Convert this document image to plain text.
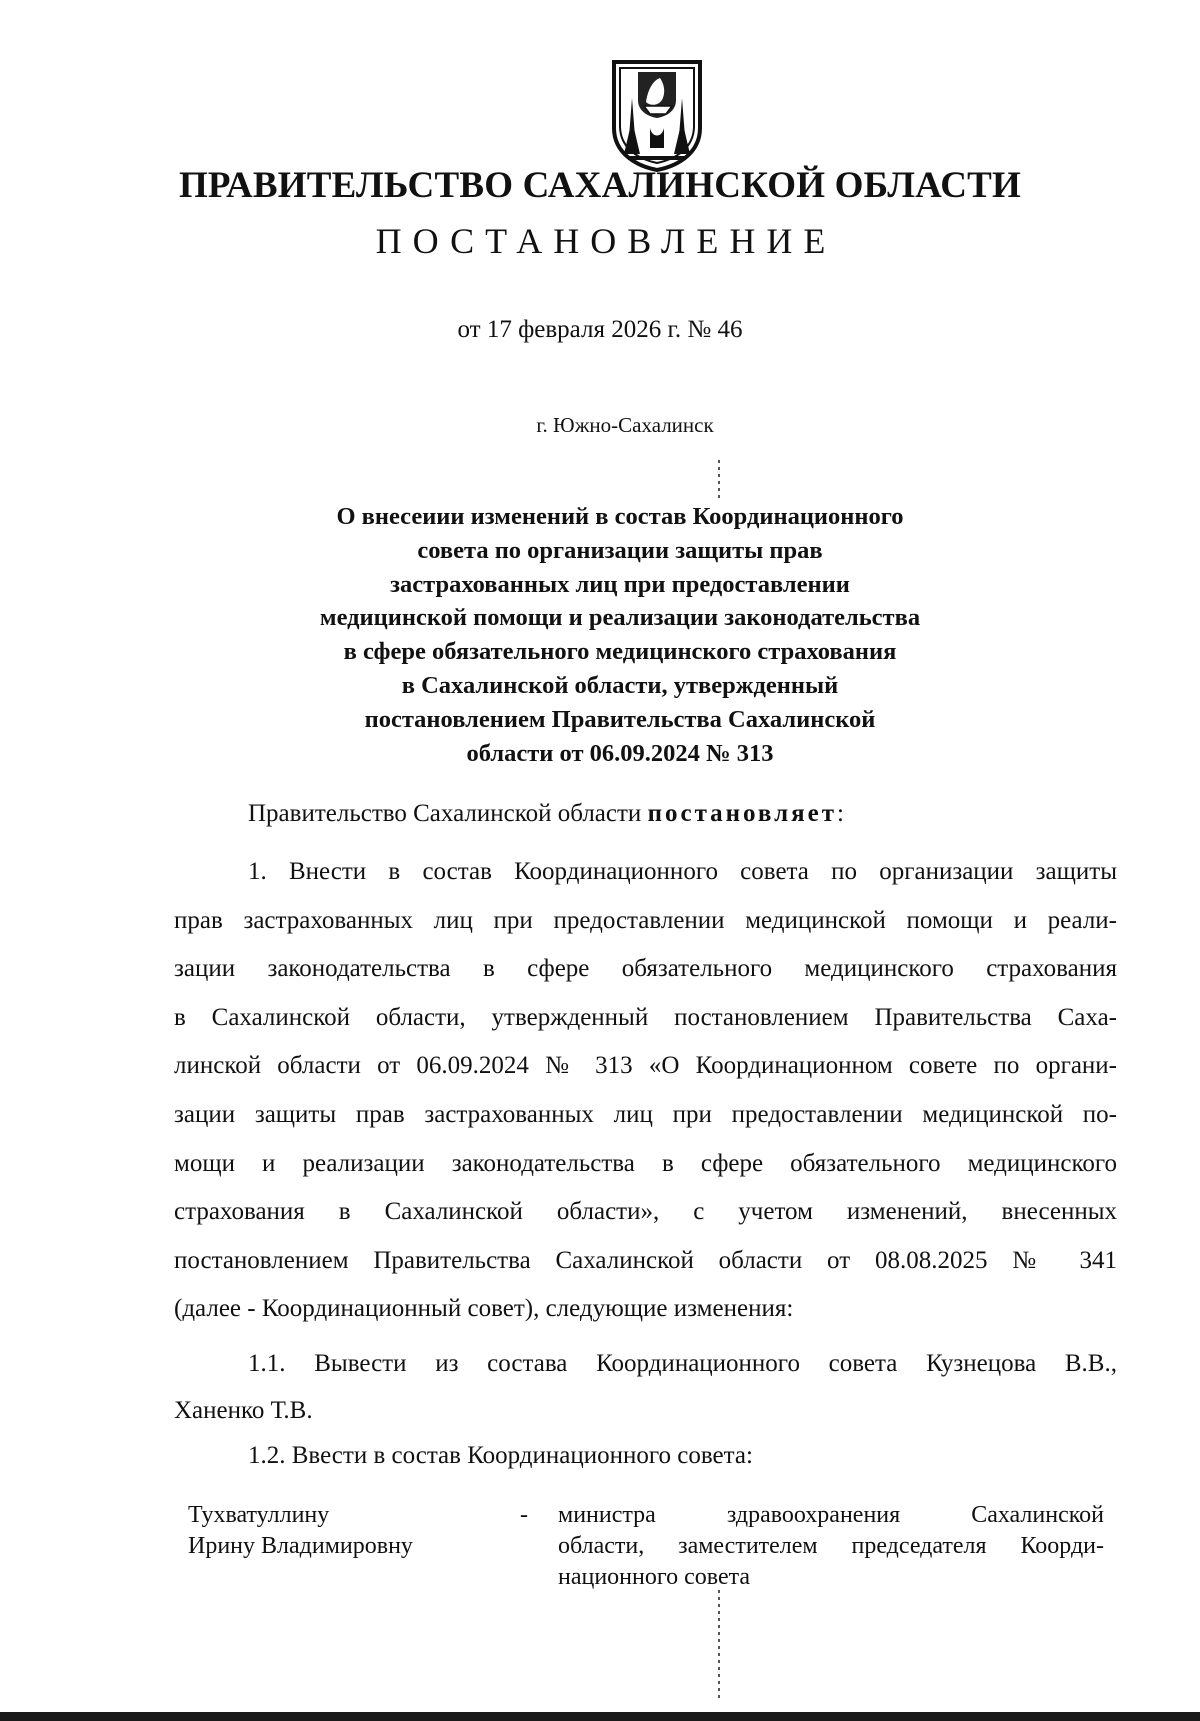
ПРАВИТЕЛЬСТВО САХАЛИНСКОЙ ОБЛАСТИ
ПОСТАНОВЛЕНИЕ
от 17 февраля 2026 г. № 46
г. Южно-Сахалинск
О внесеиии изменений в состав Координационного
совета по организации защиты прав
застрахованных лиц при предоставлении
медицинской помощи и реализации законодательства
в сфере обязательного медицинского страхования
в Сахалинской области, утвержденный
постановлением Правительства Сахалинской
области от 06.09.2024 № 313
Правительство Сахалинской области постановляет:
1. Внести в состав Координационного совета по организации защиты
прав застрахованных лиц при предоставлении медицинской помощи и реали-
зации законодательства в сфере обязательного медицинского страхования
в Сахалинской области, утвержденный постановлением Правительства Саха-
линской области от 06.09.2024 № 313 «О Координационном совете по органи-
зации защиты прав застрахованных лиц при предоставлении медицинской по-
мощи и реализации законодательства в сфере обязательного медицинского
страхования в Сахалинской области», с учетом изменений, внесенных
постановлением Правительства Сахалинской области от 08.08.2025 № 341
(далее - Координационный совет), следующие изменения:
1.1. Вывести из состава Координационного совета Кузнецова В.В.,
Ханенко Т.В.
1.2. Ввести в состав Координационного совета:
Тухватуллину
Ирину Владимировну
- министра здравоохранения Сахалинской
области, заместителем председателя Коорди-
национного совета
